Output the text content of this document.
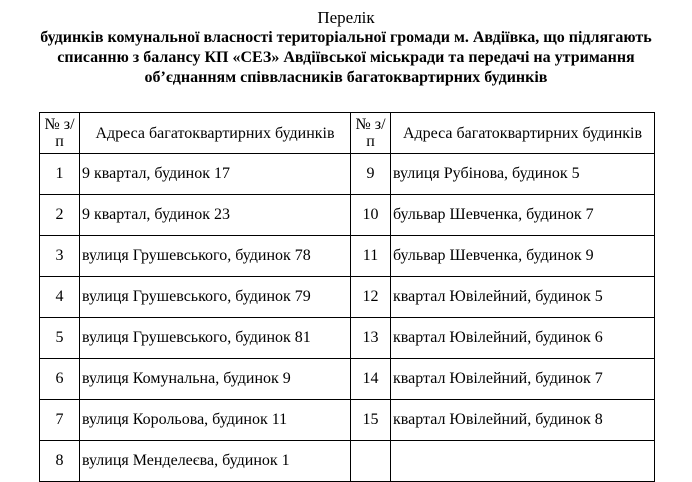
Перелік
будинків комунальної власності територіальної громади м. Авдіївка, що підлягають
списанню з балансу КП «СЕЗ» Авдіївської міськради та передачі на утримання
об’єднанням співвласників багатоквартирних будинків
№ з/п	Адреса багатоквартирних будинків	№ з/п	Адреса багатоквартирних будинків
1	9 квартал, будинок 17	9	вулиця Рубінова, будинок 5
2	9 квартал, будинок 23	10	бульвар Шевченка, будинок 7
3	вулиця Грушевського, будинок 78	11	бульвар Шевченка, будинок 9
4	вулиця Грушевського, будинок 79	12	квартал Ювілейний, будинок 5
5	вулиця Грушевського, будинок 81	13	квартал Ювілейний, будинок 6
6	вулиця Комунальна, будинок 9	14	квартал Ювілейний, будинок 7
7	вулиця Корольова, будинок 11	15	квартал Ювілейний, будинок 8
8	вулиця Менделеєва, будинок 1		
